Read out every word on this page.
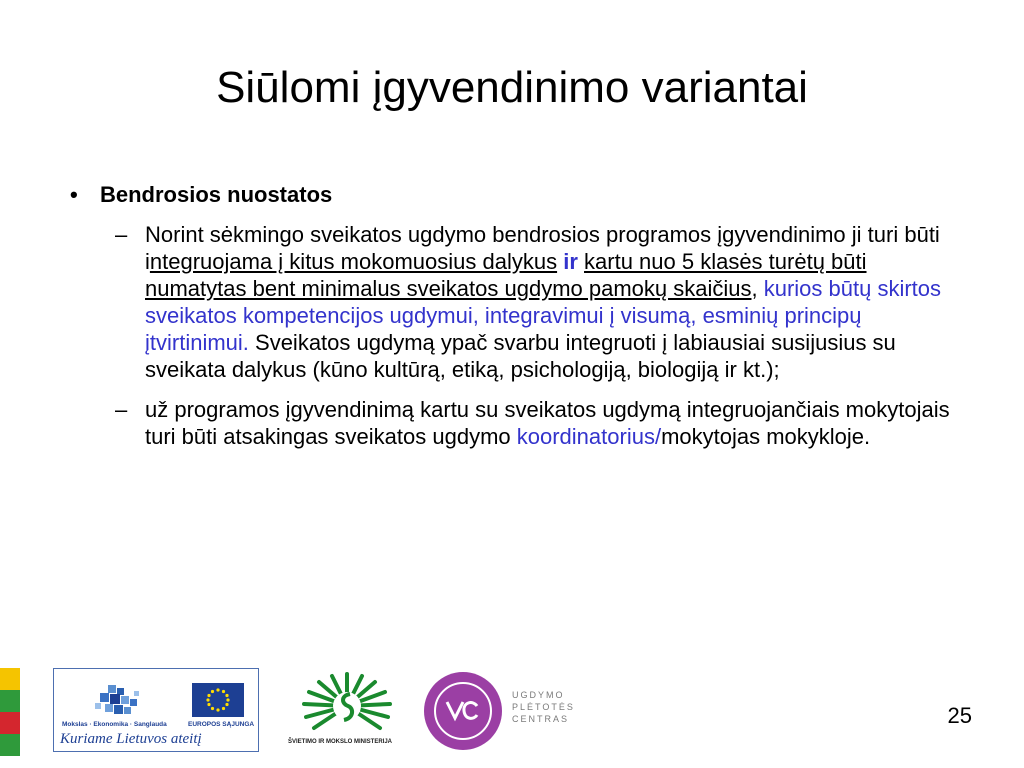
Siūlomi įgyvendinimo variantai
• Bendrosios nuostatos
– Norint sėkmingo sveikatos ugdymo bendrosios programos įgyvendinimo ji turi būti integruojama į kitus mokomuosius dalykus ir kartu nuo 5 klasės turėtų būti numatytas bent minimalus sveikatos ugdymo pamokų skaičius, kurios būtų skirtos sveikatos kompetencijos ugdymui, integravimui į visumą, esminių principų įtvirtinimui. Sveikatos ugdymą ypač svarbu integruoti į labiausiai susijusius su sveikata dalykus (kūno kultūrą, etiką, psichologiją, biologiją ir kt.);
– už programos įgyvendinimą kartu su sveikatos ugdymą integruojančiais mokytojais turi būti atsakingas sveikatos ugdymo koordinatorius/mokytojas mokykloje.
Mokslas · Ekonomika · Sanglauda	EUROPOS SĄJUNGA
Kuriame Lietuvos ateitį	ŠVIETIMO IR MOKSLO MINISTERIJA
UGDYMO
PLĖTOTĖS
CENTRAS	25
